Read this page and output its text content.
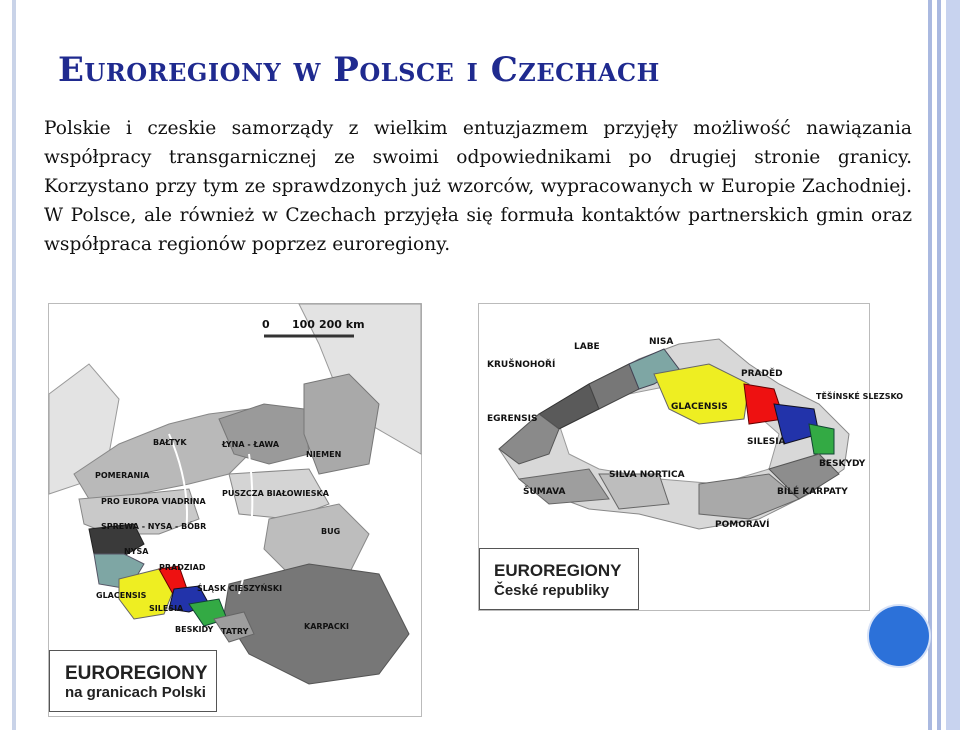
Euroregiony w Polsce i Czechach

Polskie i czeskie samorządy z wielkim entuzjazmem przyjęły możliwość nawiązania współpracy transgarnicznej ze swoimi odpowiednikami po drugiej stronie granicy. Korzystano przy tym ze sprawdzonych już wzorców, wypracowanych w Europie Zachodniej. W Polsce, ale również w Czechach przyjęła się formuła kontaktów partnerskich gmin oraz współpraca regionów poprzez euroregiony.

0 100 200 km
BAŁTYK	ŁYNA - ŁAWA
NIEMEN
POMERANIA
PRO EUROPA VIADRINA
PUSZCZA BIAŁOWIESKA
SPREWA - NYSA - BÓBR
BUG
NYSA
PRADZIAD
GLACENSIS
ŚLĄSK CIESZYŃSKI
SILESIA
BESKIDY TATRY
KARPACKI
EUROREGIONY
na granicach Polski
LABE	NISA
KRUŠNOHOŘÍ
EGRENSIS
PRADĚD
TĚŠÍNSKÉ SLEZSKO
GLACENSIS
SILESIA
BESKYDY
SILVA NORTICA
ŠUMAVA	BÍLÉ KARPATY
POMORAVÍ
EUROREGIONY
České republiky
